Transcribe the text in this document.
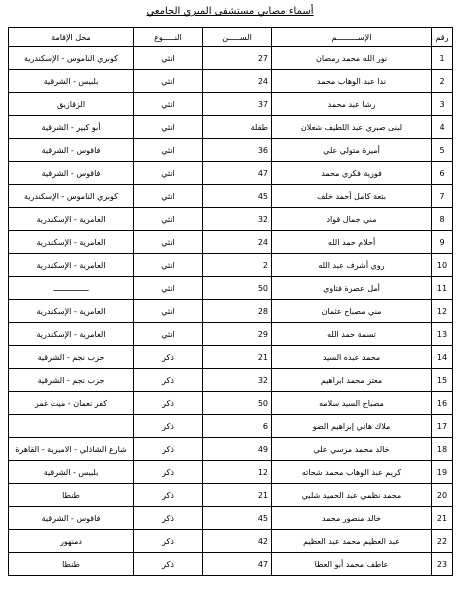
أسماء مصابي مستشفى الميري الجامعي
رقم	الإســـــــــم	الســـــن	النـــــوع	محل الإقامة
1	نور الله محمد رمضان	27	انثي	كوبري الناموس - الإسكندرية
2	ندا عبد الوهاب محمد	24	انثي	بلبيس - الشرقية
3	رشا عبد محمد	37	انثي	الزقازيق
4	لبنى صبري عبد اللطيف شعلان	طفلة	انثي	أبو كبير - الشرقية
5	أميرة متولي علي	36	انثي	فاقوس - الشرقية
6	فوزية فكري محمد	47	انثي	فاقوس - الشرقية
7	بتعة كامل أحمد خلف	45	انثي	كوبري الناموس - الإسكندرية
8	مني جمال فواد	32	انثي	العامرية - الإسكندرية
9	أحلام حمد الله	24	انثي	العامرية - الإسكندرية
10	روي أشرف عبد الله	2	انثي	العامرية - الإسكندرية
11	أمل عصرة فتاوي	50	انثي	ـــــــــــــــ
12	مني مصباح عثمان	28	انثي	العامرية - الإسكندرية
13	تسمة حمد الله	29	انثي	العامرية - الإسكندرية
14	محمد عبده السيد	21	ذكر	حزب نجم - الشرقية
15	معتز محمد ابراهيم	32	ذكر	حزب نجم - الشرقية
16	مصباح السيد سلامه	50	ذكر	كفر نعمان - ميت غمر
17	ملاك هاني إبراهيم الضو	6	ذكر	
18	خالد محمد مرسي علي	49	ذكر	شارع الشاذلي - الاميرية - القاهرة
19	كريم عبد الوهاب محمد شحاته	12	ذكر	بلبيس - الشرقية
20	محمد نظمي عبد الحميد شلبي	21	ذكر	طنطا
21	خالد منصور محمد	45	ذكر	فاقوس - الشرقية
22	عبد العظيم محمد عبد العظيم	42	ذكر	دمنهور
23	عاطف محمد أبو العطا	47	ذكر	طنطا
